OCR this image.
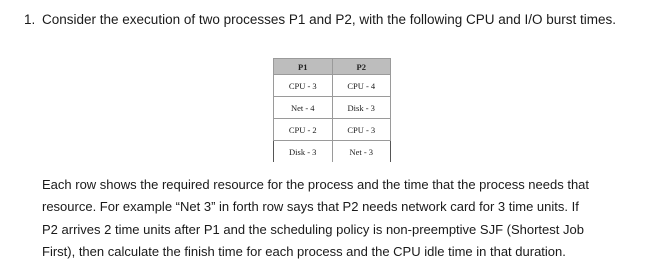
1. Consider the execution of two processes P1 and P2, with the following CPU and I/O burst times.
P1	P2
CPU - 3	CPU - 4
Net - 4	Disk - 3
CPU - 2	CPU - 3
Disk - 3	Net - 3

Each row shows the required resource for the process and the time that the process needs that
resource. For example “Net 3” in forth row says that P2 needs network card for 3 time units. If
P2 arrives 2 time units after P1 and the scheduling policy is non-preemptive SJF (Shortest Job
First), then calculate the finish time for each process and the CPU idle time in that duration.
